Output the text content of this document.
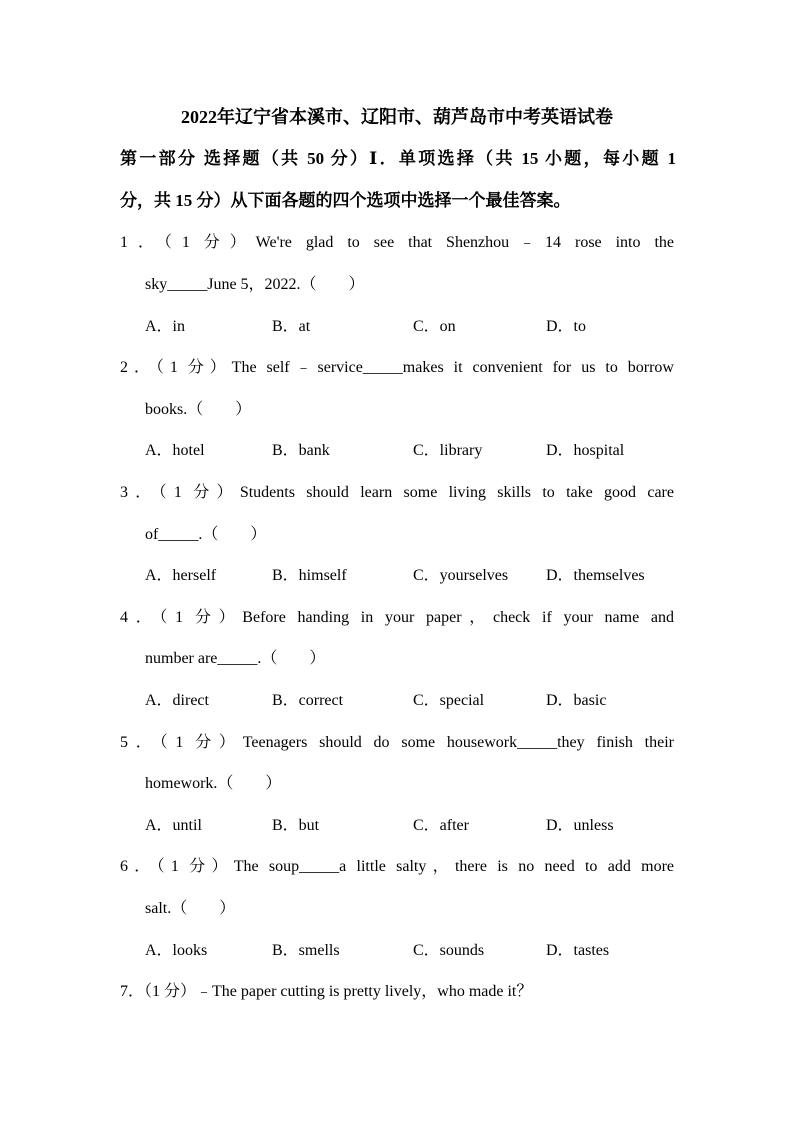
2022年辽宁省本溪市、辽阳市、葫芦岛市中考英语试卷
第一部分 选择题（共 50 分）Ⅰ．单项选择（共 15 小题，每小题 1
分，共 15 分）从下面各题的四个选项中选择一个最佳答案。
1．（1 分）We're glad to see that Shenzhou﹣14 rose into the
sky_____June 5，2022.（　　）
A．in	B．at	C．on	D．to
2．（1 分）The self﹣service_____makes it convenient for us to borrow
books.（　　）
A．hotel	B．bank	C．library	D．hospital
3．（1 分）Students should learn some living skills to take good care
of_____.（　　）
A．herself	B．himself	C．yourselves D．themselves
4．（1 分）Before handing in your paper，check if your name and
number are_____.（　　）
A．direct	B．correct	C．special	D．basic
5．（1 分）Teenagers should do some housework_____they finish their
homework.（　　）
A．until	B．but	C．after	D．unless
6．（1 分）The soup_____a little salty，there is no need to add more
salt.（　　）
A．looks	B．smells	C．sounds	D．tastes
7．（1 分）﹣The paper cutting is pretty lively，who made it？
